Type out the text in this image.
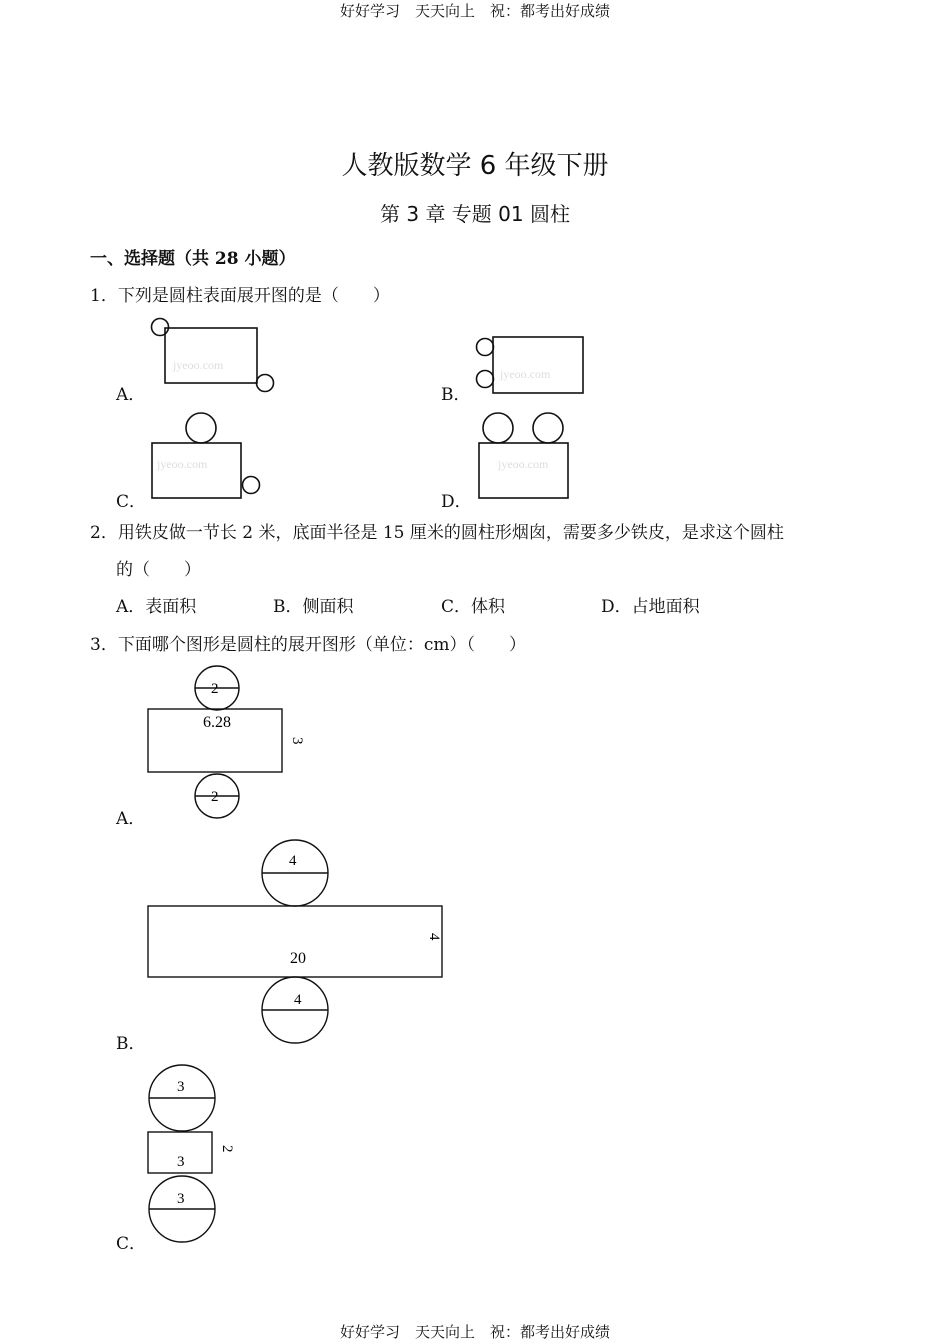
好好学习　天天向上　祝：都考出好成绩
人教版数学 6 年级下册
第 3 章 专题 01 圆柱
一、选择题（共 28 小题）
1．下列是圆柱表面展开图的是（　　）
A．
jyeoo.com
B．
jyeoo.com
C．
jyeoo.com
D．
jyeoo.com
2．用铁皮做一节长 2 米，底面半径是 15 厘米的圆柱形烟囱，需要多少铁皮，是求这个圆柱
的（　　）
A．表面积	B．侧面积	C．体积	D．占地面积
3．下面哪个图形是圆柱的展开图形（单位：cm）（　　）
A．
2
6.28
3
2
B．
4
20
4
4
C．
3
3
2
3
好好学习　天天向上　祝：都考出好成绩
